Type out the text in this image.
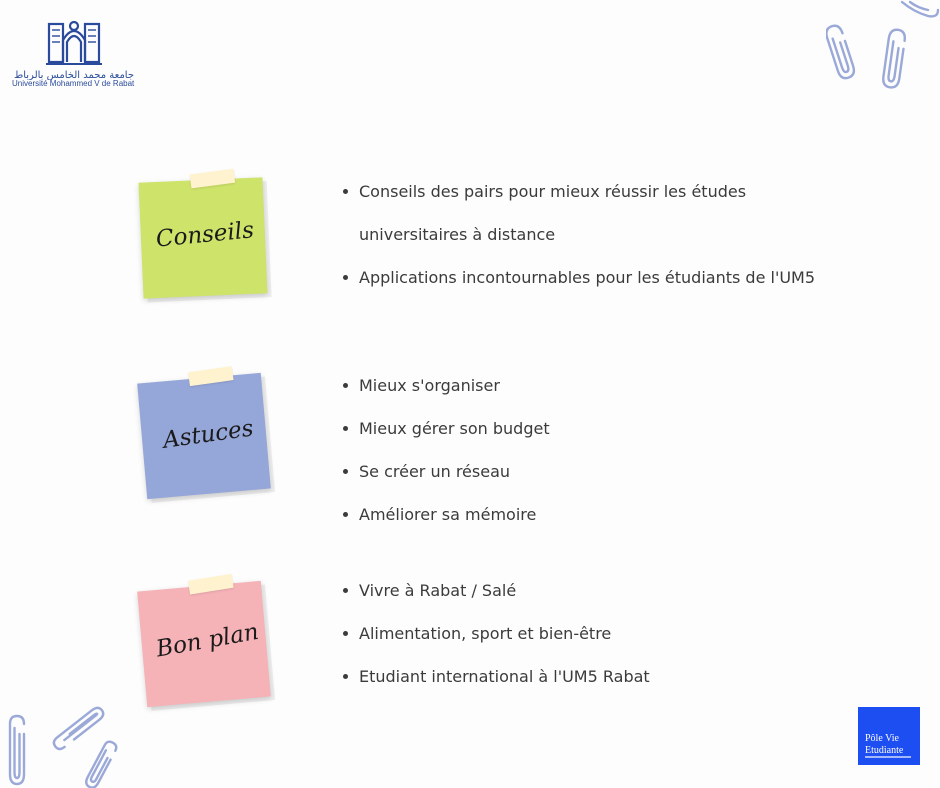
جامعة محمد الخامس بالرباط
Université Mohammed V de Rabat
Conseils
Astuces
Bon plan
Conseils des pairs pour mieux réussir les études
universitaires à distance
Applications incontournables pour les étudiants de l'UM5
Mieux s'organiser
Mieux gérer son budget
Se créer un réseau
Améliorer sa mémoire
Vivre à Rabat / Salé
Alimentation, sport et bien-être
Etudiant international à l'UM5 Rabat
Pôle Vie
Etudiante
